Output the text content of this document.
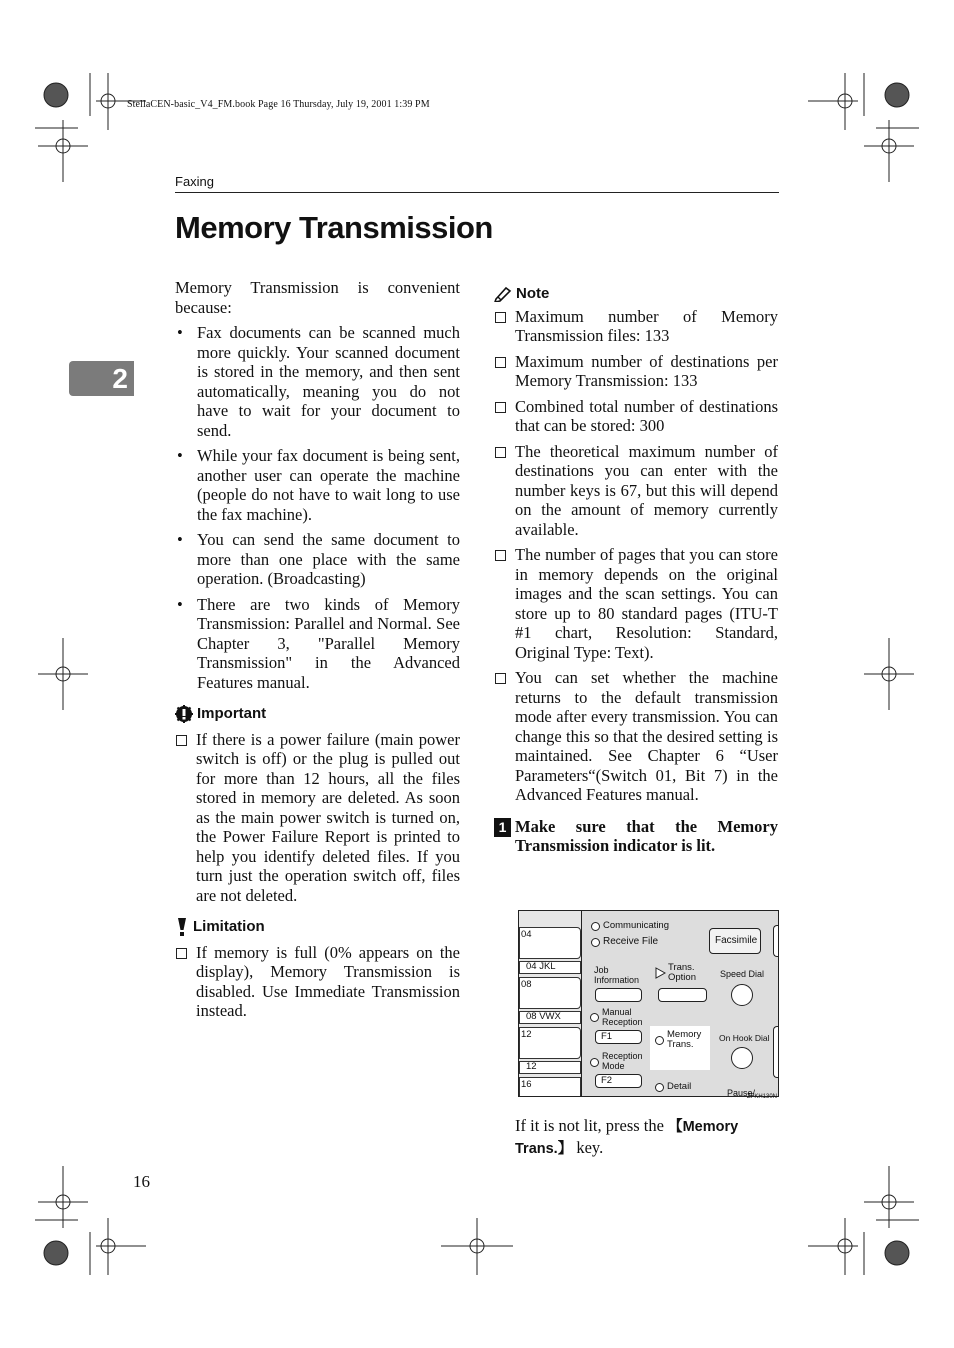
StellaCEN-basic_V4_FM.book Page 16 Thursday, July 19, 2001 1:39 PM
Faxing
Memory Transmission
2

Memory Transmission is convenient because:

• Fax documents can be scanned much more quickly. Your scanned document is stored in the memory, and then sent automatically, meaning you do not have to wait for your document to send.
• While your fax document is being sent, another user can operate the machine (people do not have to wait long to use the fax machine).
• You can send the same document to more than one place with the same operation. (Broadcasting)
• There are two kinds of Memory Transmission: Parallel and Normal. See Chapter 3, "Parallel Memory Transmission" in the Advanced Features manual.
Important
If there is a power failure (main power switch is off) or the plug is pulled out for more than 12 hours, all the files stored in memory are deleted. As soon as the main power switch is turned on, the Power Failure Report is printed to help you identify deleted files. If you turn just the operation switch off, files are not deleted.
Limitation
If memory is full (0% appears on the display), Memory Transmission is disabled. Use Immediate Transmission instead.
Note
Maximum number of Memory Transmission files: 133
Maximum number of destinations per Memory Transmission: 133
Combined total number of destinations that can be stored: 300
The theoretical maximum number of destinations you can enter with the number keys is 67, but this will depend on the amount of memory currently available.
The number of pages that you can store in memory depends on the original images and the scan settings. You can store up to 80 standard pages (ITU-T #1 chart, Resolution: Standard, Original Type: Text).
You can set whether the machine returns to the default transmission mode after every transmission. You can change this so that the desired setting is maintained. See Chapter 6 “User Parameters“(Switch 01, Bit 7) in the Advanced Features manual.
1 Make sure that the Memory Transmission indicator is lit.
04
04 JKL
08
08 VWX
12
12
16
Communicating
Receive File	Facsimile
Job
Information
Trans.
Option	Speed Dial
Manual
Reception
F1	Memory
Trans.
On Hook Dial
Reception
Mode
F2
Detail
Pause/
ZFKH130N
If it is not lit, press the 【Memory Trans.】 key.
16
